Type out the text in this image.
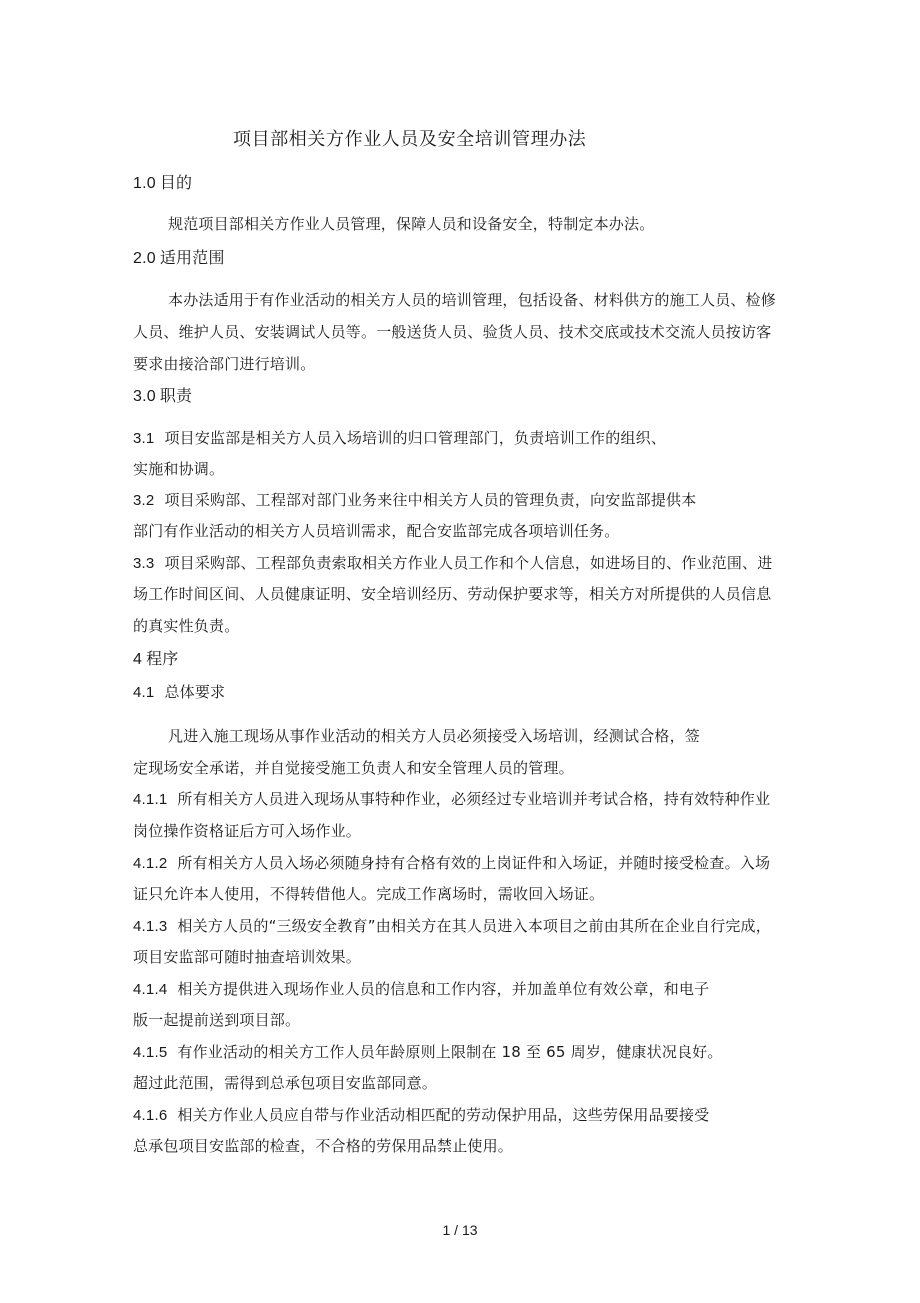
项目部相关方作业人员及安全培训管理办法
1.0 目的
规范项目部相关方作业人员管理，保障人员和设备安全，特制定本办法。
2.0 适用范围
本办法适用于有作业活动的相关方人员的培训管理，包括设备、材料供方的施工人员、检修
人员、维护人员、安装调试人员等。一般送货人员、验货人员、技术交底或技术交流人员按访客
要求由接洽部门进行培训。
3.0 职责
3.1 项目安监部是相关方人员入场培训的归口管理部门，负责培训工作的组织、
实施和协调。
3.2 项目采购部、工程部对部门业务来往中相关方人员的管理负责，向安监部提供本
部门有作业活动的相关方人员培训需求，配合安监部完成各项培训任务。
3.3 项目采购部、工程部负责索取相关方作业人员工作和个人信息，如进场目的、作业范围、进
场工作时间区间、人员健康证明、安全培训经历、劳动保护要求等，相关方对所提供的人员信息
的真实性负责。
4 程序
4.1 总体要求
凡进入施工现场从事作业活动的相关方人员必须接受入场培训，经测试合格，签
定现场安全承诺，并自觉接受施工负责人和安全管理人员的管理。
4.1.1 所有相关方人员进入现场从事特种作业，必须经过专业培训并考试合格，持有效特种作业
岗位操作资格证后方可入场作业。
4.1.2 所有相关方人员入场必须随身持有合格有效的上岗证件和入场证，并随时接受检查。入场
证只允许本人使用，不得转借他人。完成工作离场时，需收回入场证。
4.1.3 相关方人员的“三级安全教育”由相关方在其人员进入本项目之前由其所在企业自行完成，
项目安监部可随时抽查培训效果。
4.1.4 相关方提供进入现场作业人员的信息和工作内容，并加盖单位有效公章，和电子
版一起提前送到项目部。
4.1.5 有作业活动的相关方工作人员年龄原则上限制在 18 至 65 周岁，健康状况良好。
超过此范围，需得到总承包项目安监部同意。
4.1.6 相关方作业人员应自带与作业活动相匹配的劳动保护用品，这些劳保用品要接受
总承包项目安监部的检查，不合格的劳保用品禁止使用。
1 / 13
